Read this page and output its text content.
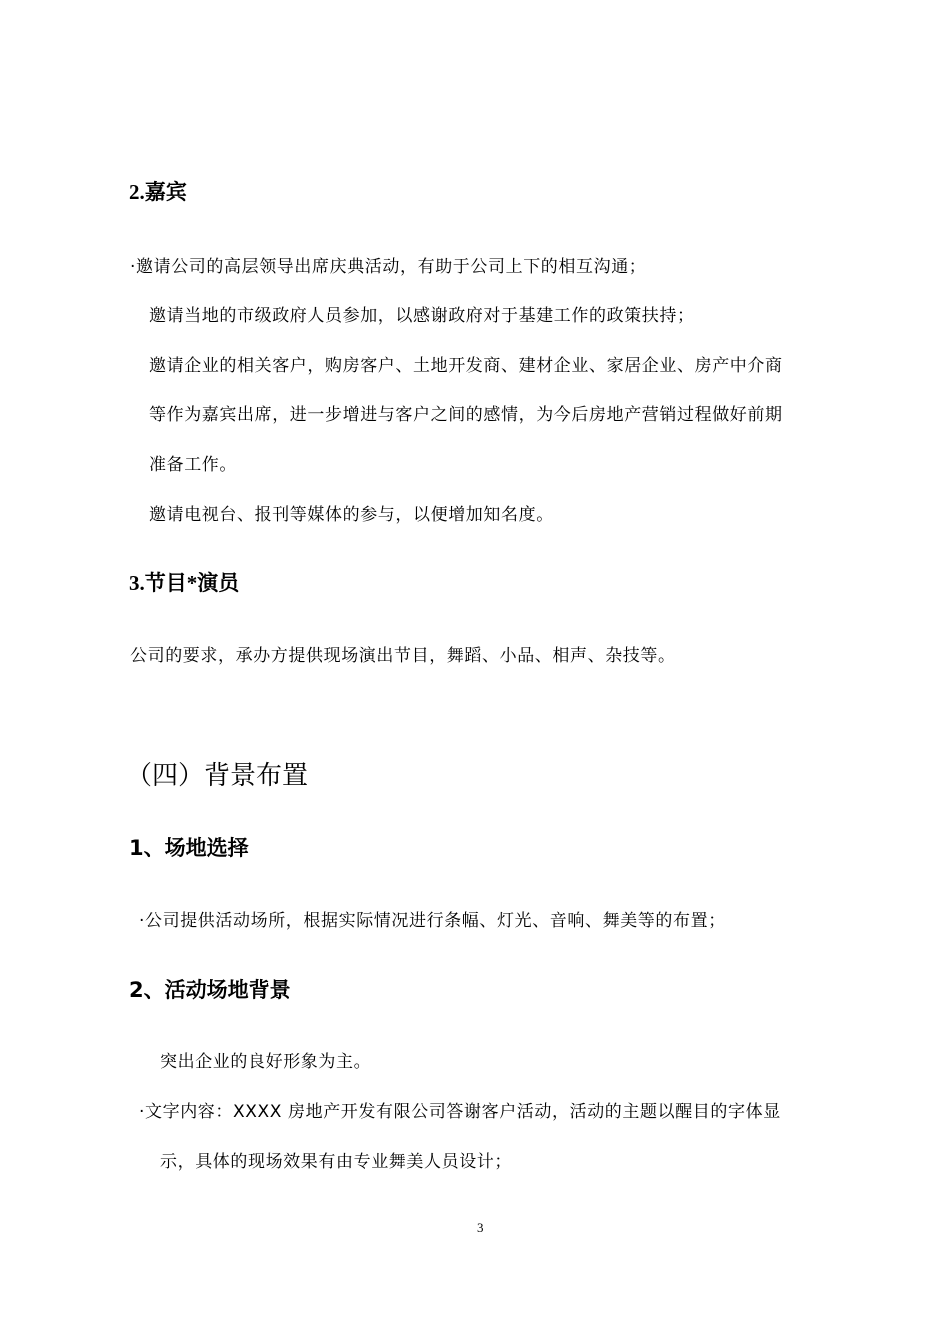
2.嘉宾
·邀请公司的高层领导出席庆典活动，有助于公司上下的相互沟通；
邀请当地的市级政府人员参加，以感谢政府对于基建工作的政策扶持；
邀请企业的相关客户，购房客户、土地开发商、建材企业、家居企业、房产中介商
等作为嘉宾出席，进一步增进与客户之间的感情，为今后房地产营销过程做好前期
准备工作。
邀请电视台、报刊等媒体的参与，以便增加知名度。
3.节目*演员
公司的要求，承办方提供现场演出节目，舞蹈、小品、相声、杂技等。
（四）背景布置
1、场地选择
·公司提供活动场所，根据实际情况进行条幅、灯光、音响、舞美等的布置；
2、活动场地背景
突出企业的良好形象为主。
·文字内容：XXXX 房地产开发有限公司答谢客户活动，活动的主题以醒目的字体显
示，具体的现场效果有由专业舞美人员设计；
3
